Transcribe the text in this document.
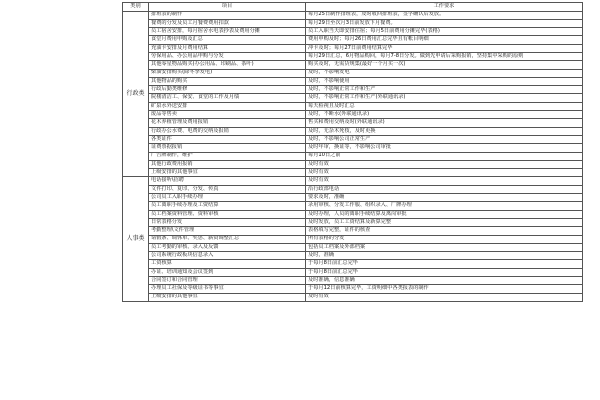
类别	项目	工作要求
行政类	排班表的制作	每月25日制作排班表，及时收回排班表，签字确认后发放。
	餐费的分发及员工月餐费费用扣款	每月29日至次月3日前发放下月餐费。
	员工宿舍安排，每月宿舍水电表抄表及费用分摊	员工入职当天即安排住宿；每月5日前费用分摊完毕(表格)
	食堂月费用申购及汇总	费用申购及时；每月26日费用汇总完毕且有帐目明细
	充油卡安排及月费用结算	冲卡及时；每月27日前费用结算完毕
	劳保用品、办公用品申购与分发	每月29日汇总，6月物品购回，每月7-8日分发。做到先申请后采购报销，坚持集中采购的原则
	其他零星物品购买(办公用品、印刷品、茶叶)	购买及时，无需货规集(最好一个月买一次)
	柴油安排购买(除冬季发电)	及时，不影响发电
	其他物品的购买	及时，不影响使用
	行政后勤类维修	及时，不影响正常工作和生产
	院楼清洁工、保安、食堂的工作及月绩	及时，不影响正常工作和生产(外联通讯录)
	矿泉水外送安排	每天检视且及时汇总
	废品等售卖	及时，不断水(外联通讯录)
	花木养植管理及费用报销	售买和费用交纳及时(外联通讯录)
	行政办公水费、电费的交纳及报销	及时，无杂木死枝，及时更换
	各类证件	及时，不影响公司正常生产
	证费票据报销	及时年审，换证等，不影响公司审批
	广告牌制作，维护	每月10日之前
	其他行政费用报销	及时有效
	上级安排的其他事宜	及时有效
人事类	电话接听\招聘	及时有效
	文件打印、复印、分发、传真	沿行政部电话
	公司员工入职手续办理	要求及时，准确
	员工离职手续办理及工资结算	录用审核、分发工作服、组织录入、厂牌办理
	员工档案资料管理、资料审核	及时办理，人员的离职手续结算及离岗审批
	日常表格分发	及时发放，员工工资结算及新算完整
	考勤整理\文件管理	表格填写完整，证件的核查
	请假条、调休单、奖惩、薪资调整汇总	所有表格的分发
	员工考勤的审核、录入及反馈	包括员工档案及外部档案
	公司系统行政板块信息录入	及时，准确
	工资核算	于每月8日前汇总完毕
	办证、培训通知及会议签到	于每月8日前汇总完毕
	合同签订和合同管理	及时准确，信息准确
	办理员工社保及等级证书等事宜	于每月12日前核算完毕，工资明细中各类报表的制作
	上级安排的其他事宜	及时有效
